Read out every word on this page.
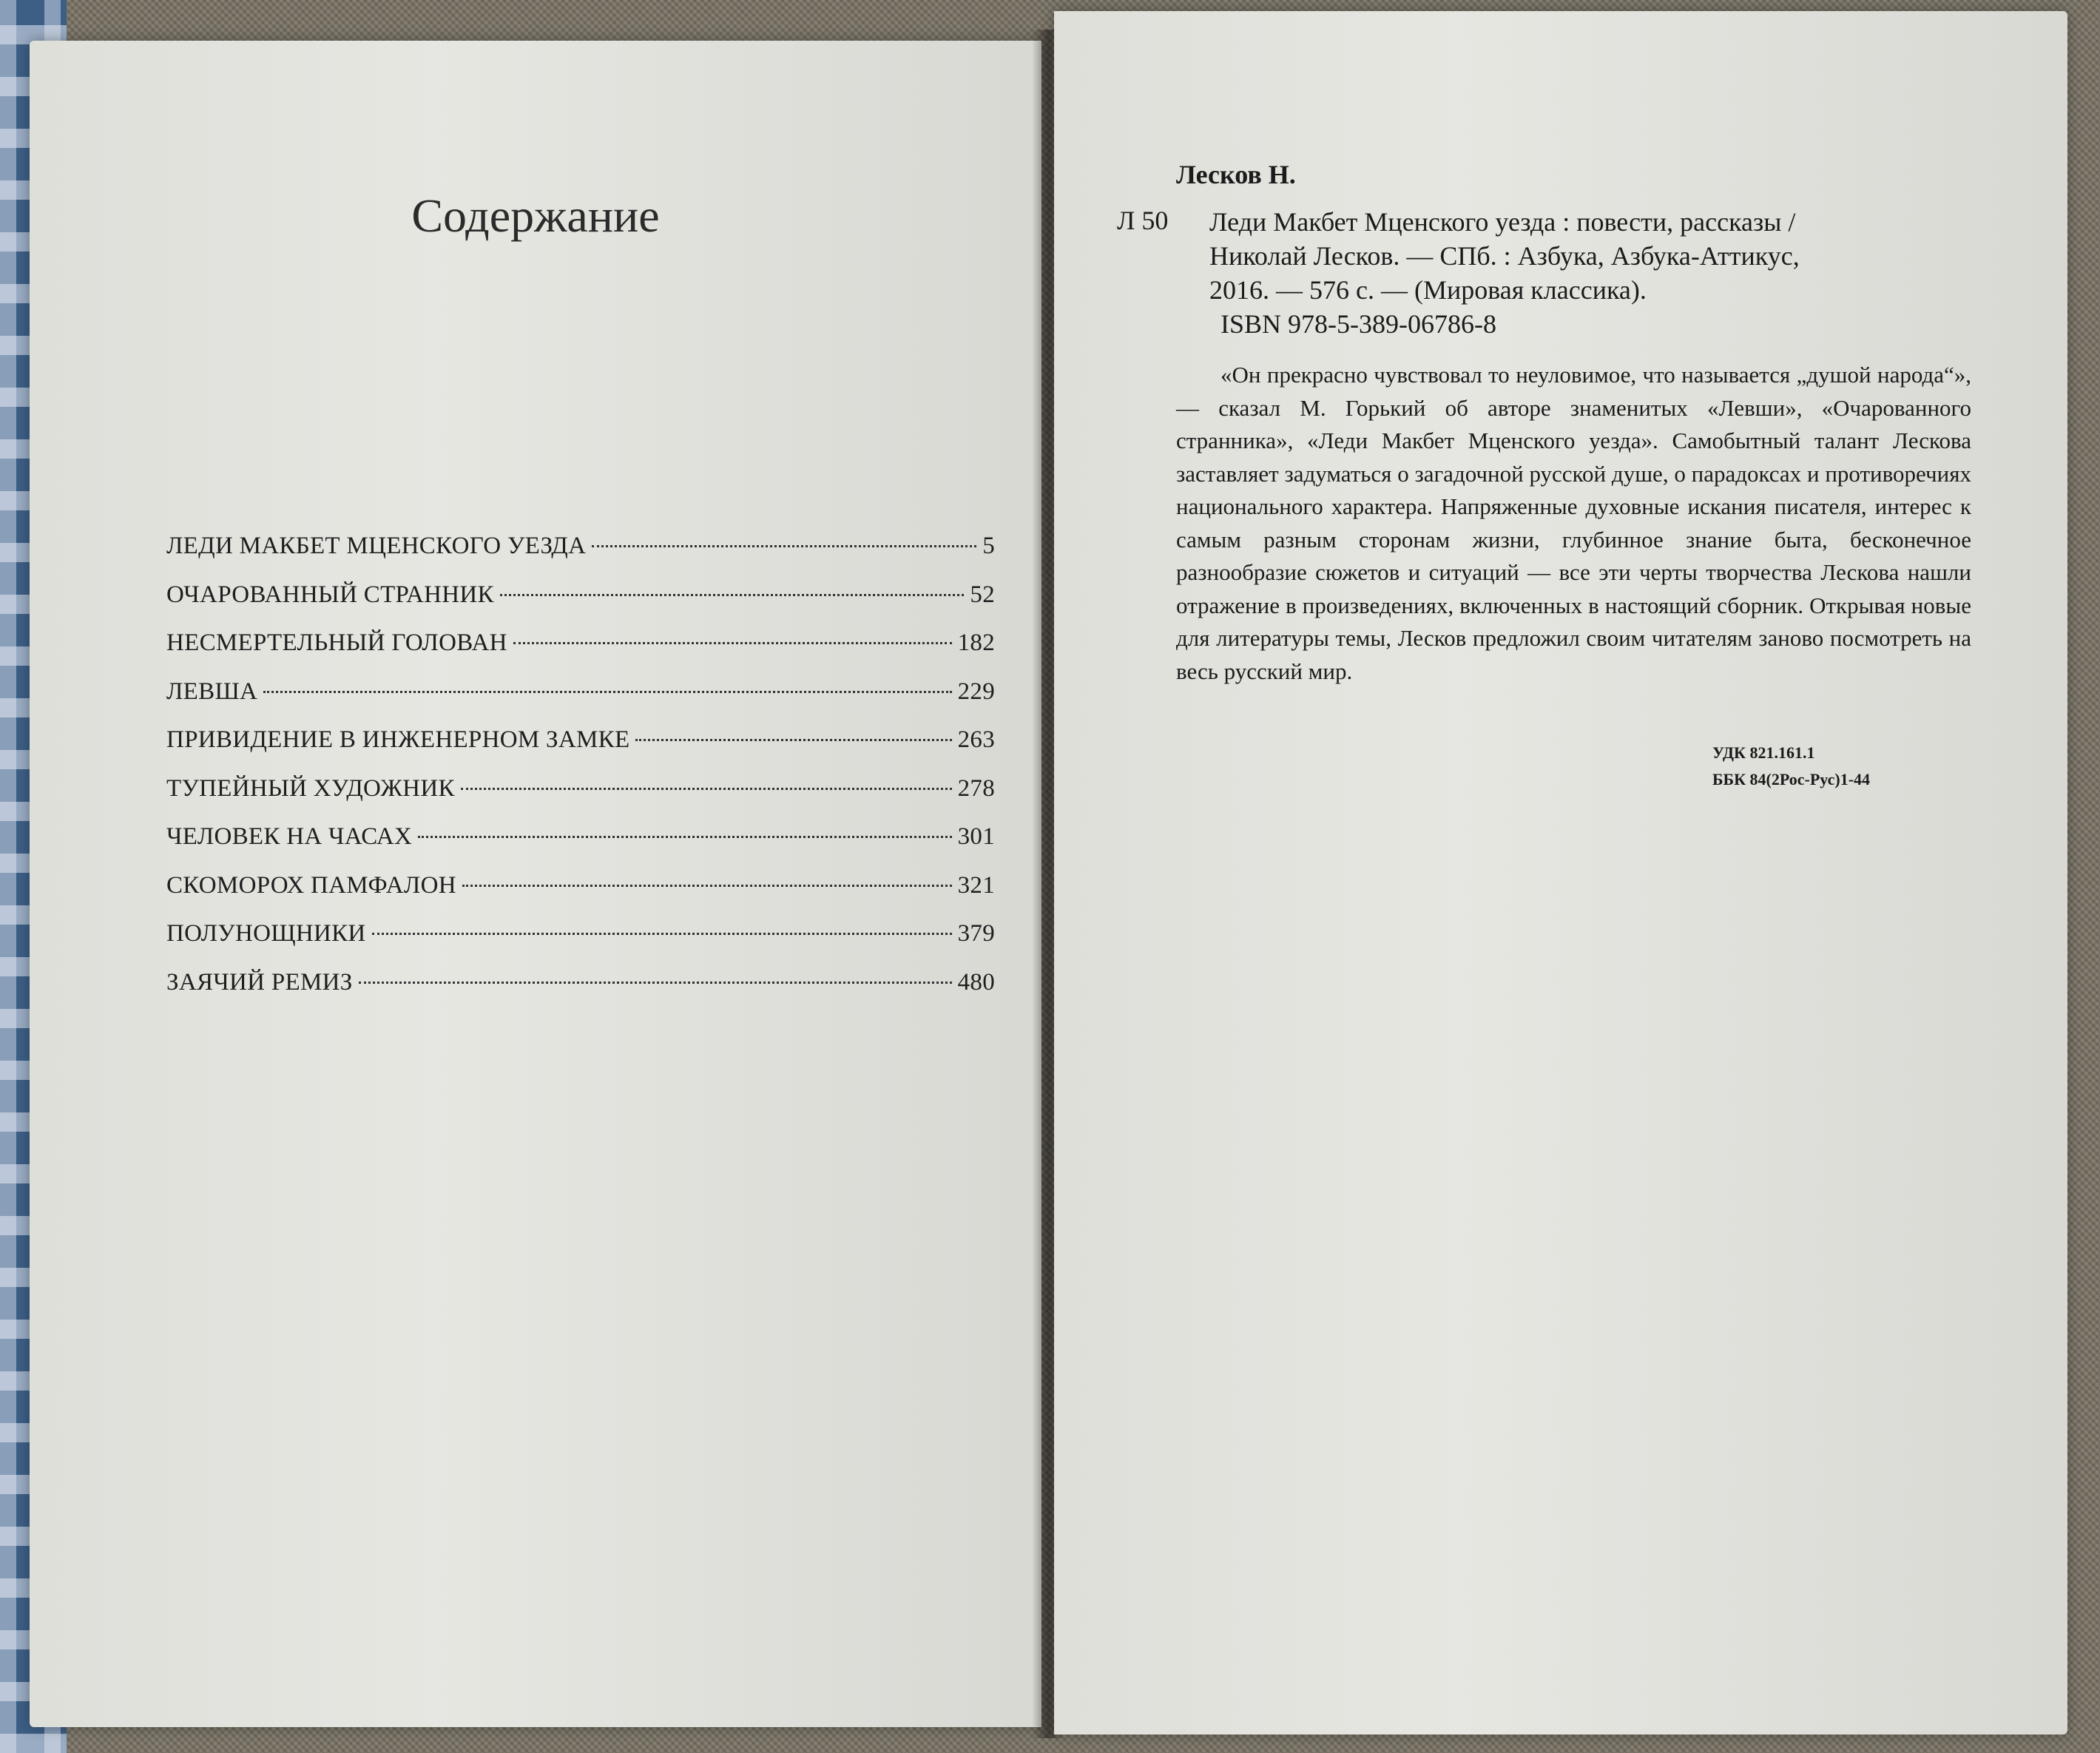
Содержание
ЛЕДИ МАКБЕТ МЦЕНСКОГО УЕЗДА	5
ОЧАРОВАННЫЙ СТРАННИК	52
НЕСМЕРТЕЛЬНЫЙ ГОЛОВАН	182
ЛЕВША	229
ПРИВИДЕНИЕ В ИНЖЕНЕРНОМ ЗАМКЕ	263
ТУПЕЙНЫЙ ХУДОЖНИК	278
ЧЕЛОВЕК НА ЧАСАХ	301
СКОМОРОХ ПАМФАЛОН	321
ПОЛУНОЩНИКИ	379
ЗАЯЧИЙ РЕМИЗ	480
Лесков Н.
Л 50 Леди Макбет Мценского уезда : повести, рассказы /
Николай Лесков. — СПб. : Азбука, Азбука-Аттикус,
2016. — 576 с. — (Мировая классика).
ISBN 978-5-389-06786-8

«Он прекрасно чувствовал то неуловимое, что называется „душой народа“», — сказал М. Горький об авторе знаменитых «Левши», «Очарованного странника», «Леди Макбет Мценского уезда». Самобытный талант Лескова заставляет задуматься о загадочной русской душе, о парадоксах и противоречиях национального характера. Напряженные духовные искания писателя, интерес к самым разным сторонам жизни, глубинное знание быта, бесконечное разнообразие сюжетов и ситуаций — все эти черты творчества Лескова нашли отражение в произведениях, включенных в настоящий сборник. Открывая новые для литературы темы, Лесков предложил своим читателям заново посмотреть на весь русский мир.

УДК 821.161.1
ББК 84(2Рос-Рус)1-44
